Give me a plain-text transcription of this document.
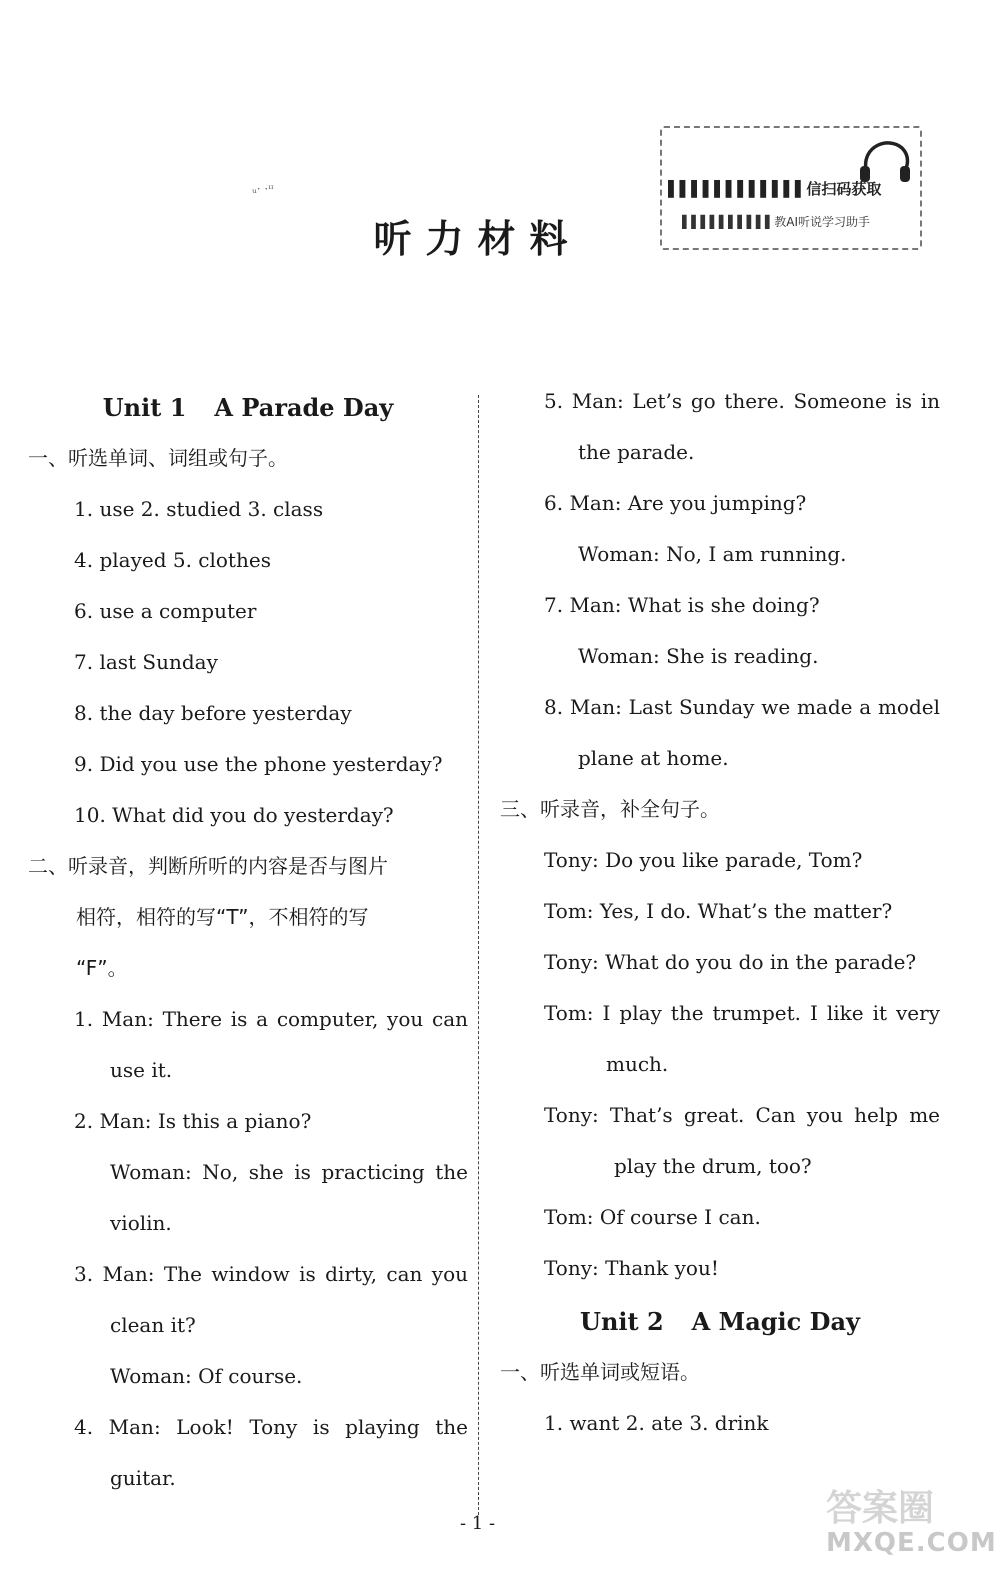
ᵤ· ·ᶦᶦ
听力材料
▌▌▌▌▌▌▌▌▌▌▌▌信扫码获取
▌▌▌▌▌▌▌▌▌▌教AI听说学习助手
Unit 1 A Parade Day
一、听选单词、词组或句子。
1. use 2. studied 3. class
4. played 5. clothes
6. use a computer
7. last Sunday
8. the day before yesterday
9. Did you use the phone yesterday?
10. What did you do yesterday?
二、听录音，判断所听的内容是否与图片
相符，相符的写“T”，不相符的写
“F”。
1. Man: There is a computer, you can
use it.
2. Man: Is this a piano?
Woman: No, she is practicing the
violin.
3. Man: The window is dirty, can you
clean it?
Woman: Of course.
4. Man: Look! Tony is playing the
guitar.
5. Man: Let’s go there. Someone is in
the parade.
6. Man: Are you jumping?
Woman: No, I am running.
7. Man: What is she doing?
Woman: She is reading.
8. Man: Last Sunday we made a model
plane at home.
三、听录音，补全句子。
Tony: Do you like parade, Tom?
Tom: Yes, I do. What’s the matter?
Tony: What do you do in the parade?
Tom: I play the trumpet. I like it very
much.
Tony: That’s great. Can you help me
play the drum, too?
Tom: Of course I can.
Tony: Thank you!
Unit 2 A Magic Day
一、听选单词或短语。
1. want 2. ate 3. drink
- 1 -	答案圈
MXQE.COM
